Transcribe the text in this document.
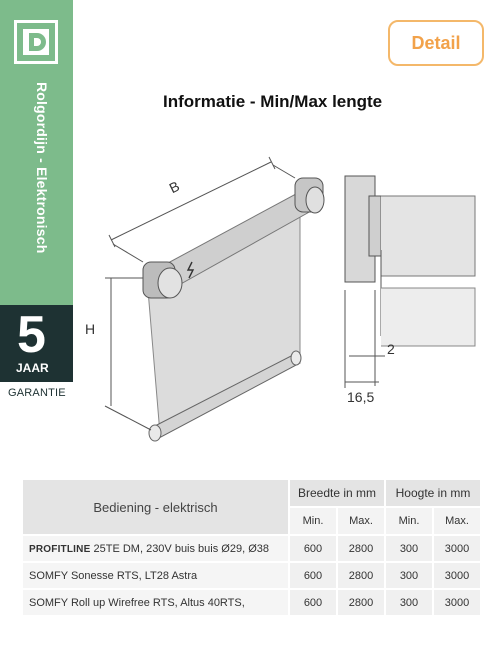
Rolgordijn - Elektronisch
5
JAAR
GARANTIE
Detail
Informatie - Min/Max lengte
B
H
2
16,5
Bediening - elektrisch	Breedte in mm		Hoogte in mm	
	Min.	Max.	Min.	Max.
PROFITLINE 25TE DM, 230V buis buis Ø29, Ø38	600	2800	300	3000
SOMFY Sonesse RTS, LT28 Astra	600	2800	300	3000
SOMFY Roll up Wirefree RTS, Altus 40RTS,	600	2800	300	3000
